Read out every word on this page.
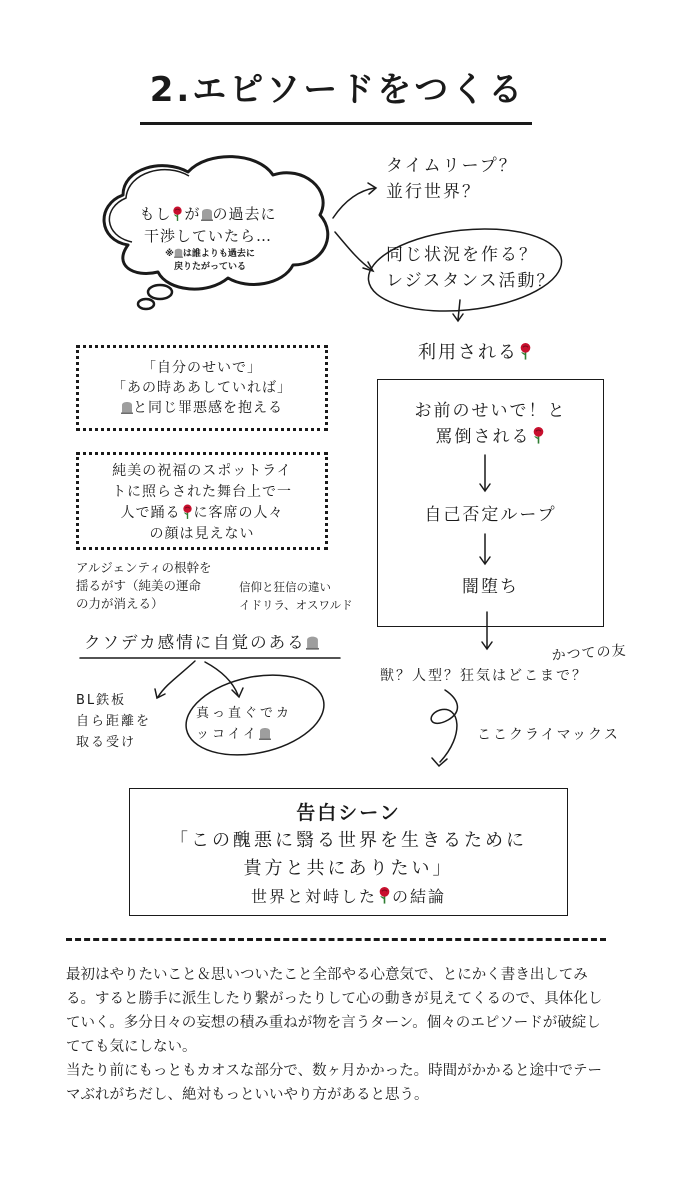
2.エピソードをつくる
もし が の過去に
干渉していたら…
※ は誰よりも過去に
戻りたがっている
タイムリープ？
並行世界？
同じ状況を作る？
レジスタンス活動？
利用される
「自分のせいで」
「あの時ああしていれば」
と同じ罪悪感を抱える
純美の祝福のスポットライ
トに照らされた舞台上で一
人で踊る に客席の人々
の顔は見えない
アルジェンティの根幹を
揺るがす（純美の運命
の力が消える）
信仰と狂信の違い
イドリラ、オスワルド
クソデカ感情に自覚のある
BL鉄板
自ら距離を
取る受け
真っ直ぐでカ
ッコイイ
お前のせいで！と
罵倒される
自己否定ループ
闇堕ち
かつての友
獣？人型？狂気はどこまで？
ここクライマックス
告白シーン
「この醜悪に翳る世界を生きるために
貴方と共にありたい」
世界と対峙した の結論

最初はやりたいこと＆思いついたこと全部やる心意気で、とにかく書き出してみる。すると勝手に派生したり繋がったりして心の動きが見えてくるので、具体化していく。多分日々の妄想の積み重ねが物を言うターン。個々のエピソードが破綻してても気にしない。

当たり前にもっともカオスな部分で、数ヶ月かかった。時間がかかると途中でテーマぶれがちだし、絶対もっといいやり方があると思う。
